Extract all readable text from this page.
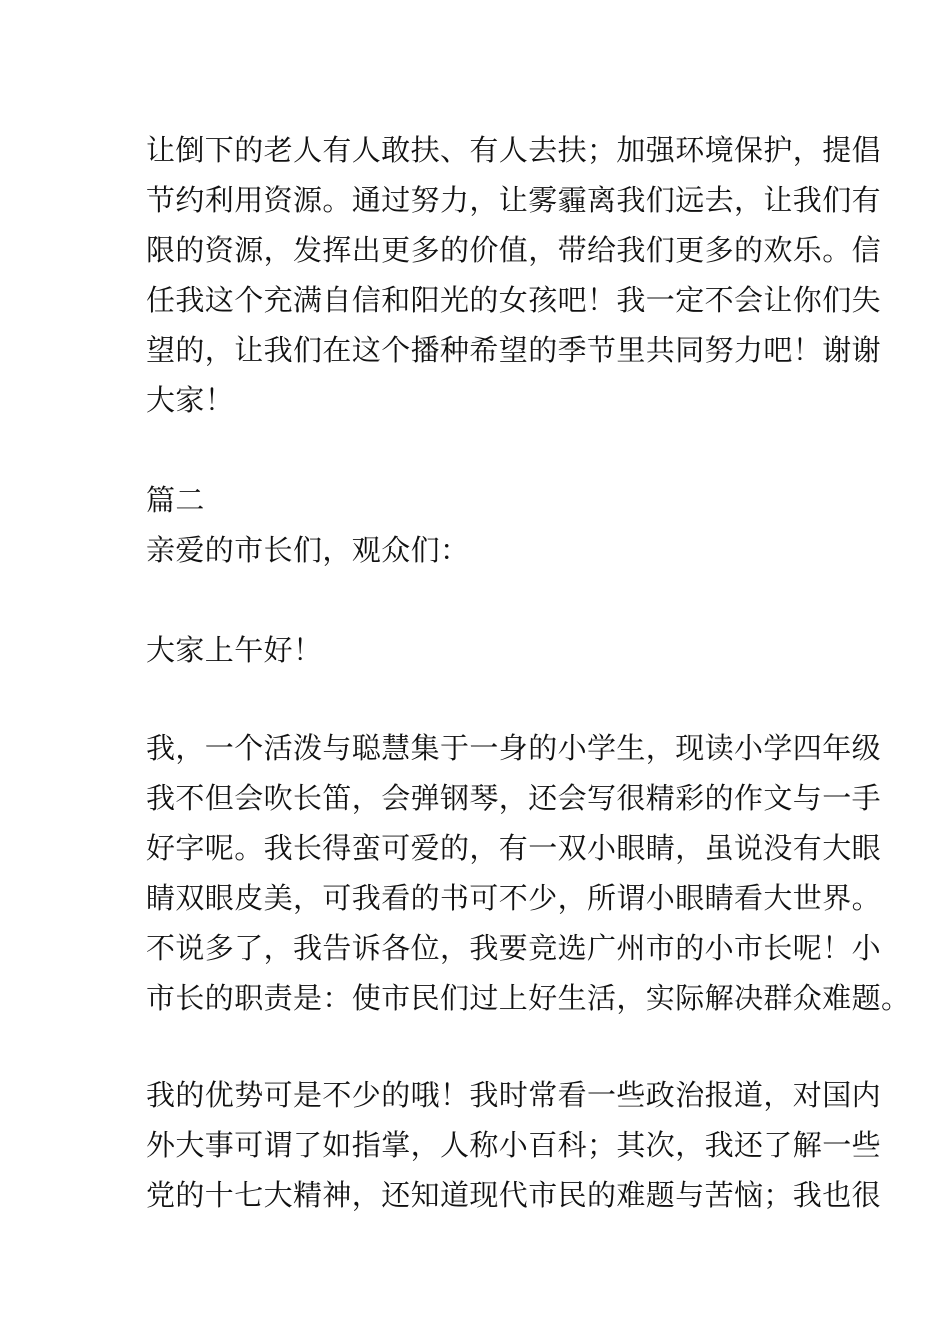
让倒下的老人有人敢扶、有人去扶；加强环境保护，提倡
节约利用资源。通过努力，让雾霾离我们远去，让我们有
限的资源，发挥出更多的价值，带给我们更多的欢乐。信
任我这个充满自信和阳光的女孩吧！我一定不会让你们失
望的，让我们在这个播种希望的季节里共同努力吧！谢谢
大家！
篇二
亲爱的市长们，观众们：
大家上午好！
我，一个活泼与聪慧集于一身的小学生，现读小学四年级
我不但会吹长笛，会弹钢琴，还会写很精彩的作文与一手
好字呢。我长得蛮可爱的，有一双小眼睛，虽说没有大眼
睛双眼皮美，可我看的书可不少，所谓小眼睛看大世界。
不说多了，我告诉各位，我要竞选广州市的小市长呢！小
市长的职责是：使市民们过上好生活，实际解决群众难题。
我的优势可是不少的哦！我时常看一些政治报道，对国内
外大事可谓了如指掌，人称小百科；其次，我还了解一些
党的十七大精神，还知道现代市民的难题与苦恼；我也很
